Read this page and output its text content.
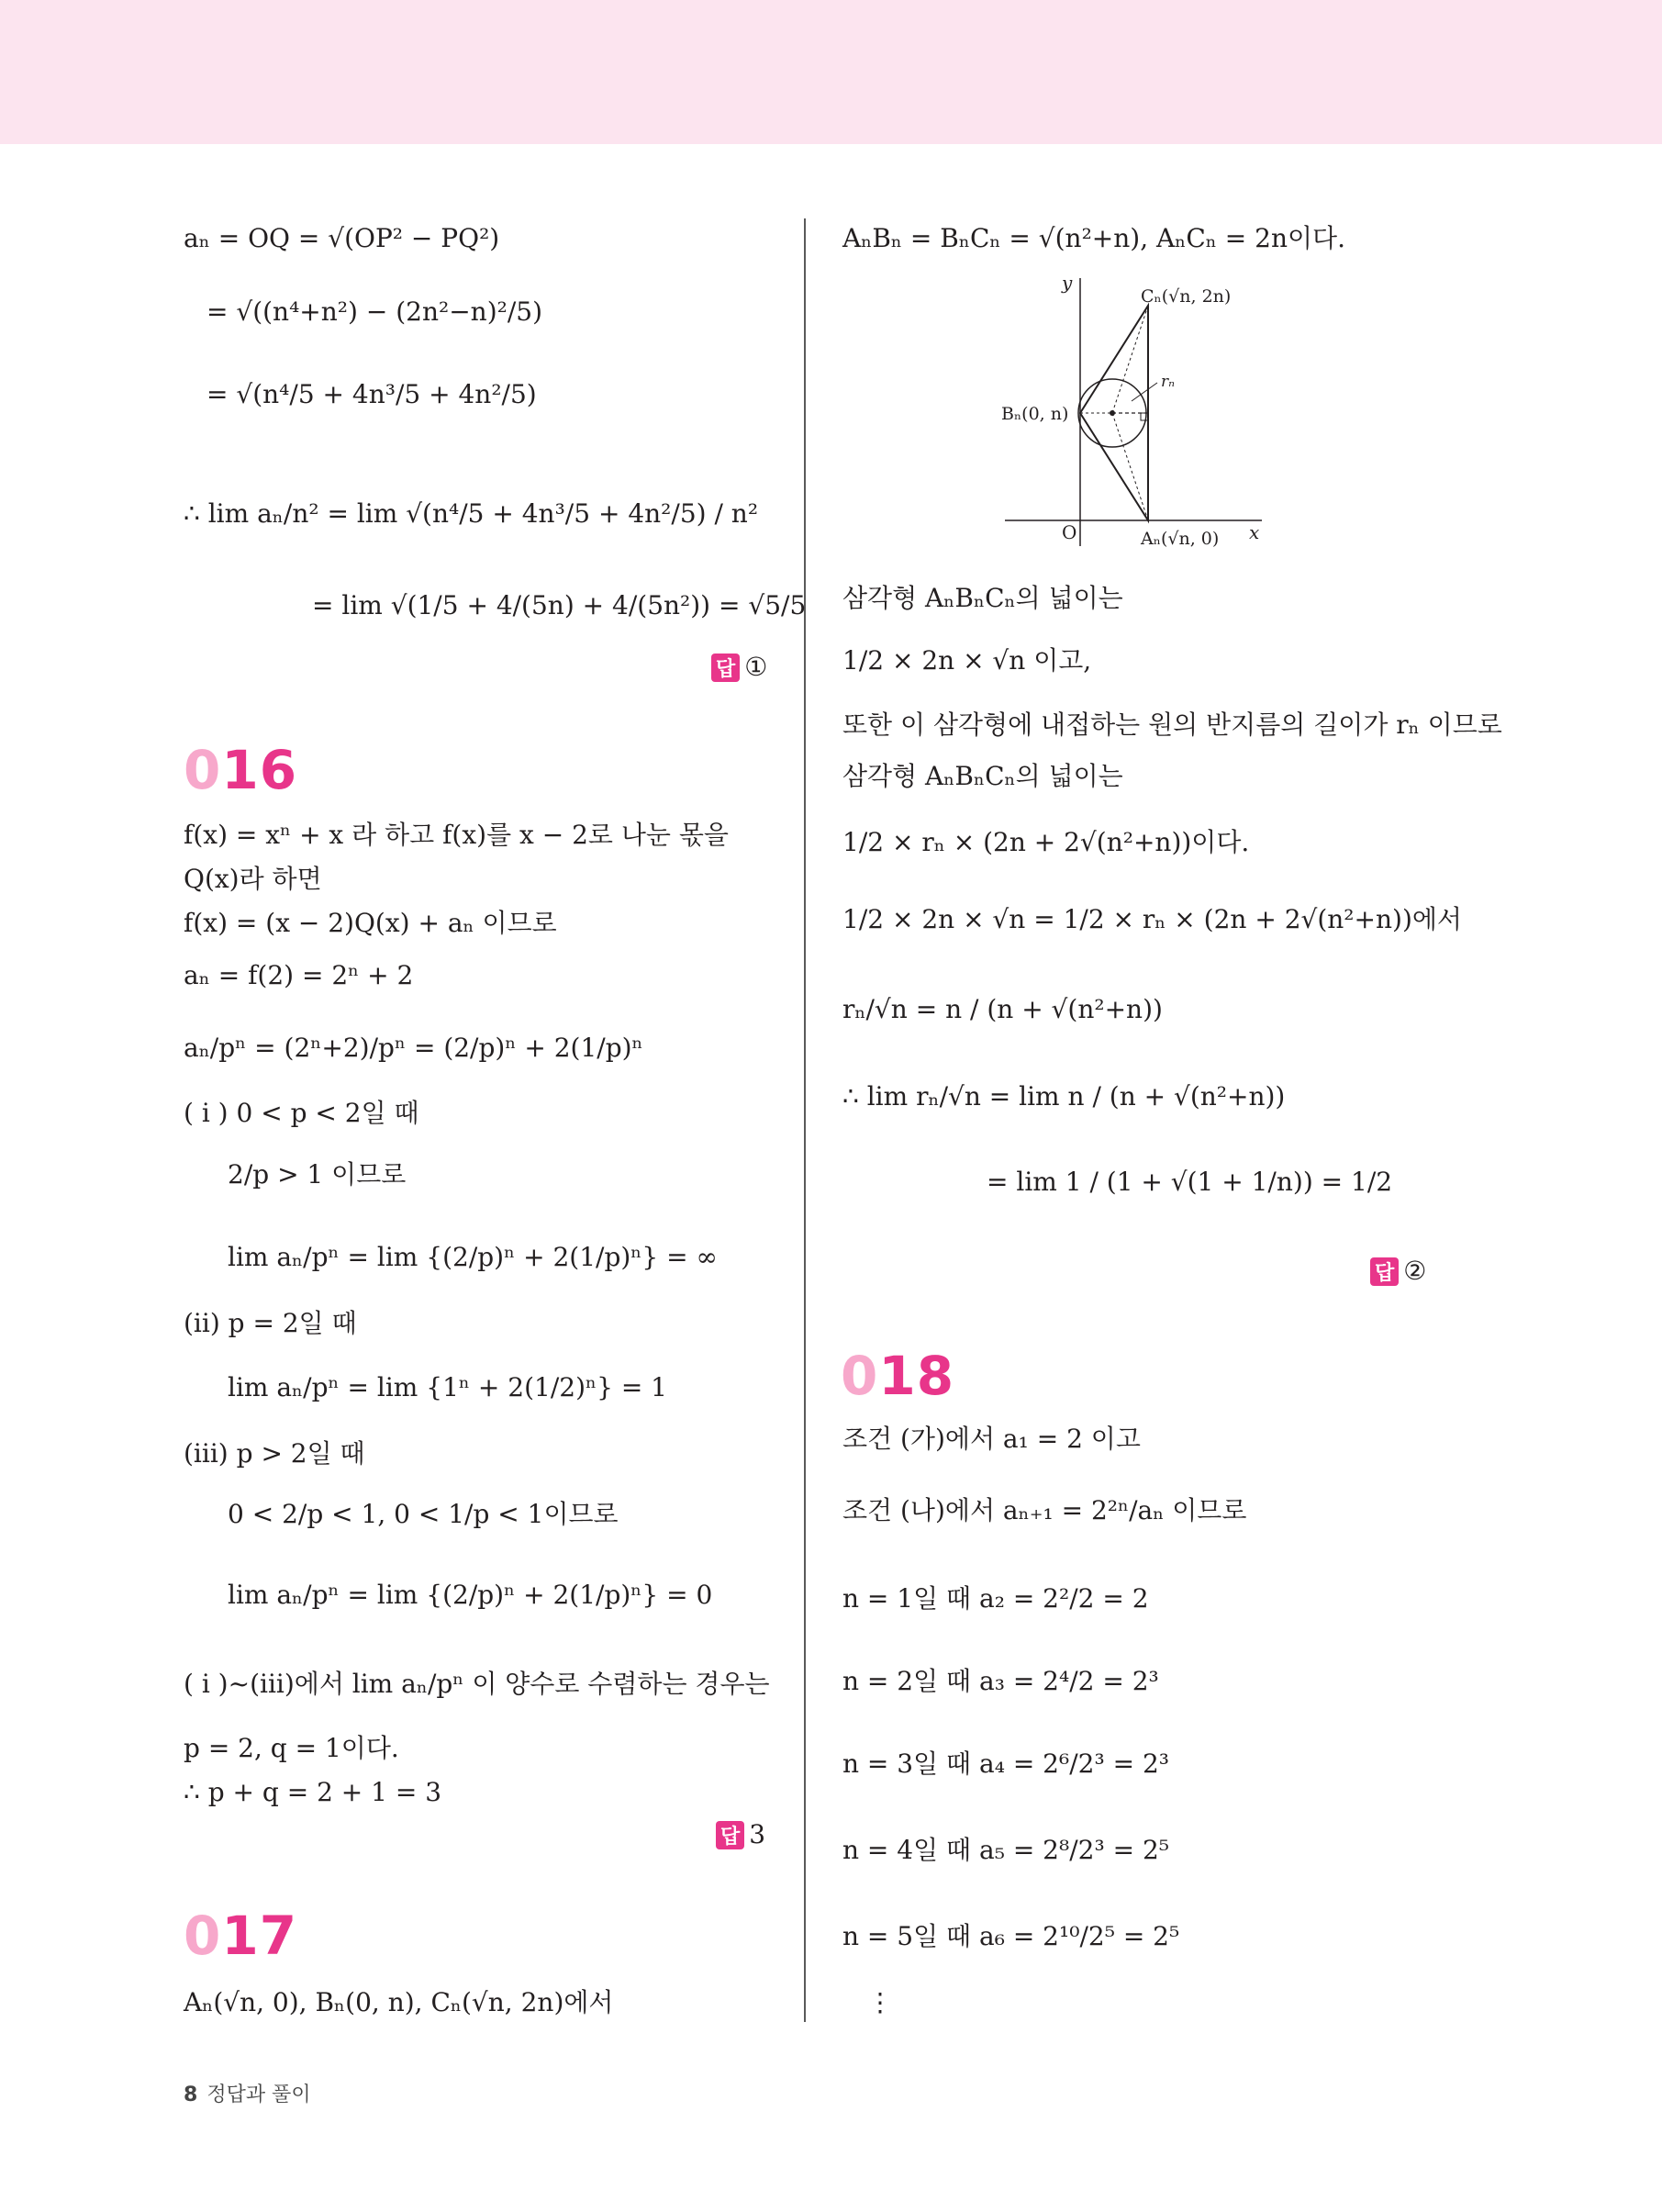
aₙ = OQ = √(OP² − PQ²)
= √((n⁴+n²) − (2n²−n)²/5)
= √(n⁴/5 + 4n³/5 + 4n²/5)
∴ lim aₙ/n² = lim √(n⁴/5 + 4n³/5 + 4n²/5) / n²
= lim √(1/5 + 4/(5n) + 4/(5n²)) = √5/5
답 ①
016
f(x) = xⁿ + x 라 하고 f(x)를 x − 2로 나눈 몫을
Q(x)라 하면
f(x) = (x − 2)Q(x) + aₙ 이므로
aₙ = f(2) = 2ⁿ + 2
aₙ/pⁿ = (2ⁿ+2)/pⁿ = (2/p)ⁿ + 2(1/p)ⁿ
( i ) 0 < p < 2일 때
2/p > 1 이므로
lim aₙ/pⁿ = lim {(2/p)ⁿ + 2(1/p)ⁿ} = ∞
(ii) p = 2일 때
lim aₙ/pⁿ = lim {1ⁿ + 2(1/2)ⁿ} = 1
(iii) p > 2일 때
0 < 2/p < 1, 0 < 1/p < 1이므로
lim aₙ/pⁿ = lim {(2/p)ⁿ + 2(1/p)ⁿ} = 0
( i )~(iii)에서 lim aₙ/pⁿ 이 양수로 수렴하는 경우는
p = 2, q = 1이다.
∴ p + q = 2 + 1 = 3
답 3
017
Aₙ(√n, 0), Bₙ(0, n), Cₙ(√n, 2n)에서
AₙBₙ = BₙCₙ = √(n²+n), AₙCₙ = 2n이다.
y
x
O
Cₙ(√n, 2n)
Bₙ(0, n)
Aₙ(√n, 0)
rₙ
삼각형 AₙBₙCₙ의 넓이는
1/2 × 2n × √n 이고,
또한 이 삼각형에 내접하는 원의 반지름의 길이가 rₙ 이므로
삼각형 AₙBₙCₙ의 넓이는
1/2 × rₙ × (2n + 2√(n²+n))이다.
1/2 × 2n × √n = 1/2 × rₙ × (2n + 2√(n²+n))에서
rₙ/√n = n / (n + √(n²+n))
∴ lim rₙ/√n = lim n / (n + √(n²+n))
= lim 1 / (1 + √(1 + 1/n)) = 1/2
답 ②
018
조건 (가)에서 a₁ = 2 이고
조건 (나)에서 aₙ₊₁ = 2²ⁿ/aₙ 이므로
n = 1일 때 a₂ = 2²/2 = 2
n = 2일 때 a₃ = 2⁴/2 = 2³
n = 3일 때 a₄ = 2⁶/2³ = 2³
n = 4일 때 a₅ = 2⁸/2³ = 2⁵
n = 5일 때 a₆ = 2¹⁰/2⁵ = 2⁵
⋮
8 정답과 풀이
